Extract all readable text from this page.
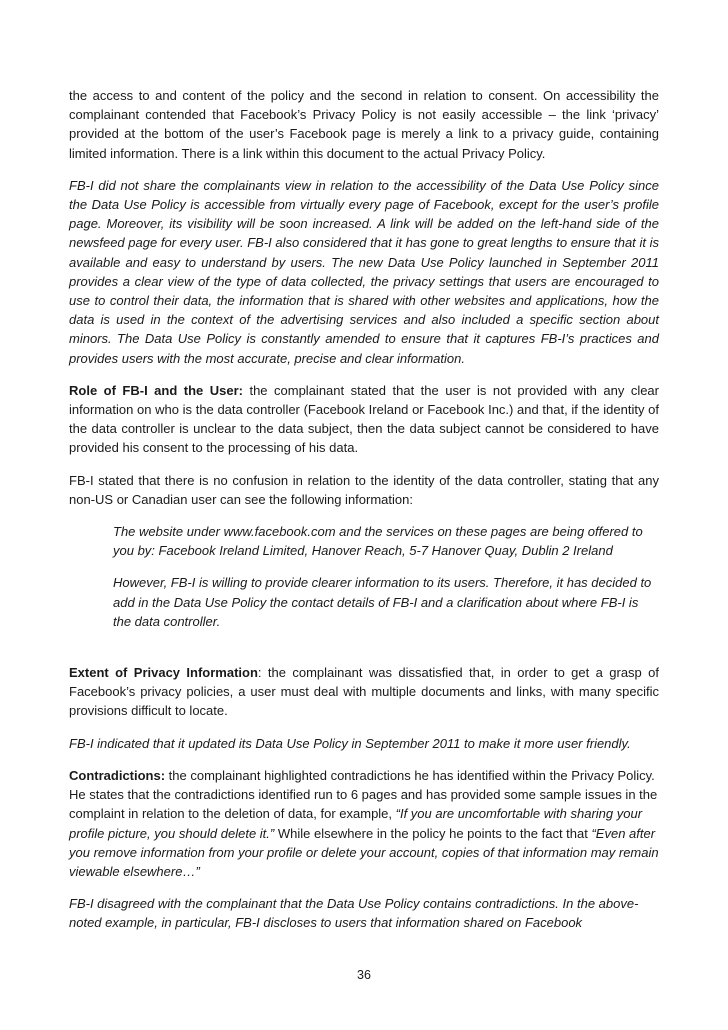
the access to and content of the policy and the second in relation to consent. On accessibility the complainant contended that Facebook’s Privacy Policy is not easily accessible – the link ‘privacy’ provided at the bottom of the user’s Facebook page is merely a link to a privacy guide, containing limited information. There is a link within this document to the actual Privacy Policy.

FB-I did not share the complainants view in relation to the accessibility of the Data Use Policy since the Data Use Policy is accessible from virtually every page of Facebook, except for the user’s profile page. Moreover, its visibility will be soon increased. A link will be added on the left-hand side of the newsfeed page for every user. FB-I also considered that it has gone to great lengths to ensure that it is available and easy to understand by users. The new Data Use Policy launched in September 2011 provides a clear view of the type of data collected, the privacy settings that users are encouraged to use to control their data, the information that is shared with other websites and applications, how the data is used in the context of the advertising services and also included a specific section about minors. The Data Use Policy is constantly amended to ensure that it captures FB-I’s practices and provides users with the most accurate, precise and clear information.

Role of FB-I and the User: the complainant stated that the user is not provided with any clear information on who is the data controller (Facebook Ireland or Facebook Inc.) and that, if the identity of the data controller is unclear to the data subject, then the data subject cannot be considered to have provided his consent to the processing of his data.

FB-I stated that there is no confusion in relation to the identity of the data controller, stating that any non-US or Canadian user can see the following information:

The website under www.facebook.com and the services on these pages are being offered to you by: Facebook Ireland Limited, Hanover Reach, 5-7 Hanover Quay, Dublin 2 Ireland

However, FB-I is willing to provide clearer information to its users. Therefore, it has decided to add in the Data Use Policy the contact details of FB-I and a clarification about where FB-I is the data controller.

Extent of Privacy Information: the complainant was dissatisfied that, in order to get a grasp of Facebook’s privacy policies, a user must deal with multiple documents and links, with many specific provisions difficult to locate.

FB-I indicated that it updated its Data Use Policy in September 2011 to make it more user friendly.

Contradictions: the complainant highlighted contradictions he has identified within the Privacy Policy. He states that the contradictions identified run to 6 pages and has provided some sample issues in the complaint in relation to the deletion of data, for example, “If you are uncomfortable with sharing your profile picture, you should delete it.” While elsewhere in the policy he points to the fact that “Even after you remove information from your profile or delete your account, copies of that information may remain viewable elsewhere…”

FB-I disagreed with the complainant that the Data Use Policy contains contradictions. In the above-noted example, in particular, FB-I discloses to users that information shared on Facebook

36
